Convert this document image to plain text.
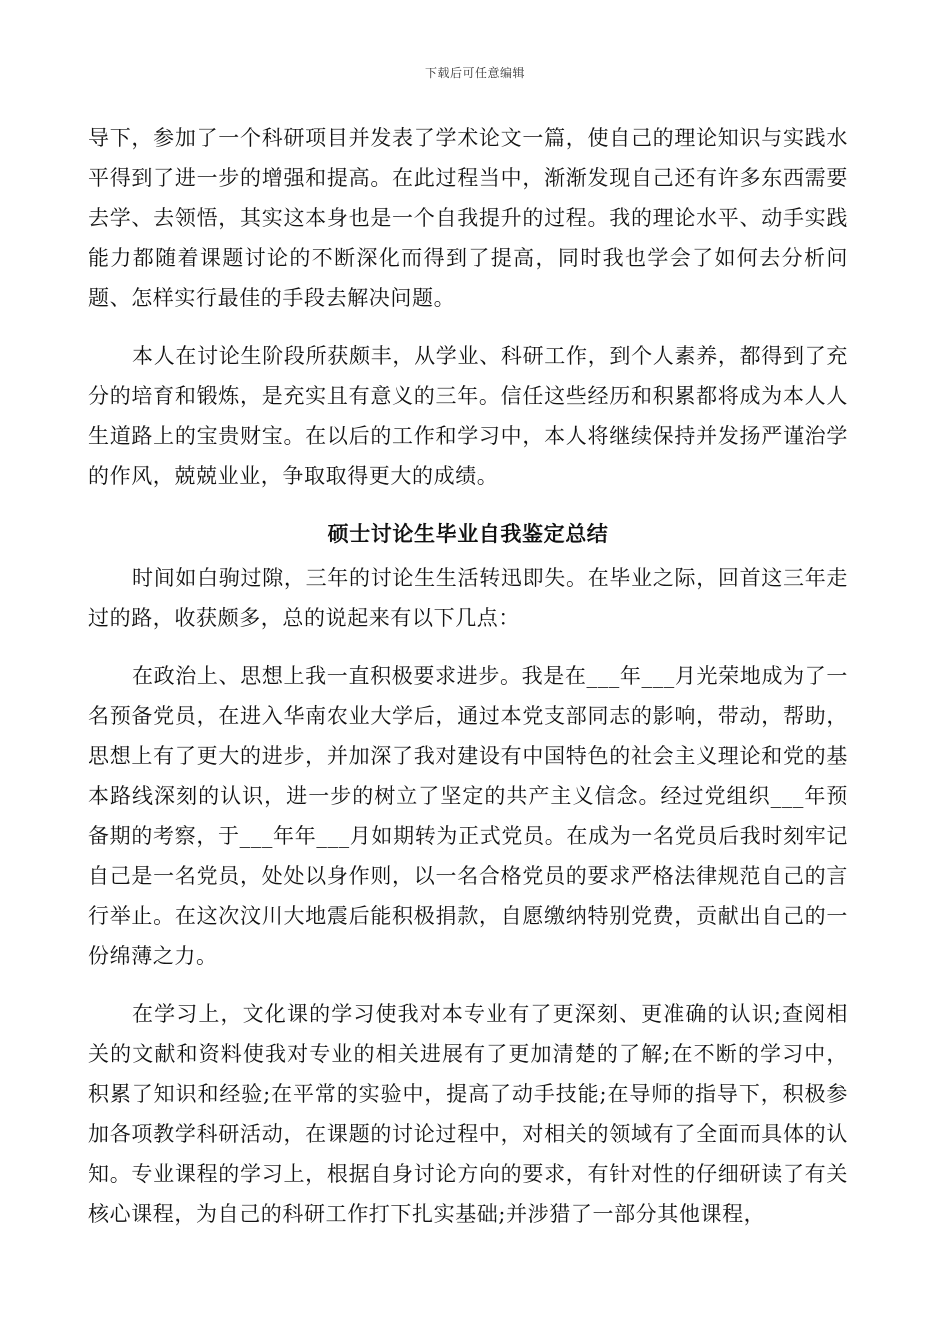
下载后可任意编辑

导下，参加了一个科研项目并发表了学术论文一篇，使自己的理论知识与实践水平得到了进一步的增强和提高。在此过程当中，渐渐发现自己还有许多东西需要去学、去领悟，其实这本身也是一个自我提升的过程。我的理论水平、动手实践能力都随着课题讨论的不断深化而得到了提高，同时我也学会了如何去分析问题、怎样实行最佳的手段去解决问题。

本人在讨论生阶段所获颇丰，从学业、科研工作，到个人素养，都得到了充分的培育和锻炼，是充实且有意义的三年。信任这些经历和积累都将成为本人人生道路上的宝贵财宝。在以后的工作和学习中，本人将继续保持并发扬严谨治学的作风，兢兢业业，争取取得更大的成绩。

硕士讨论生毕业自我鉴定总结

时间如白驹过隙，三年的讨论生生活转迅即失。在毕业之际，回首这三年走过的路，收获颇多，总的说起来有以下几点：

在政治上、思想上我一直积极要求进步。我是在___年___月光荣地成为了一名预备党员，在进入华南农业大学后，通过本党支部同志的影响，带动，帮助，思想上有了更大的进步，并加深了我对建设有中国特色的社会主义理论和党的基本路线深刻的认识，进一步的树立了坚定的共产主义信念。经过党组织___年预备期的考察，于___年年___月如期转为正式党员。在成为一名党员后我时刻牢记自己是一名党员，处处以身作则，以一名合格党员的要求严格法律规范自己的言行举止。在这次汶川大地震后能积极捐款，自愿缴纳特别党费，贡献出自己的一份绵薄之力。

在学习上，文化课的学习使我对本专业有了更深刻、更准确的认识;查阅相关的文献和资料使我对专业的相关进展有了更加清楚的了解;在不断的学习中，积累了知识和经验;在平常的实验中，提高了动手技能;在导师的指导下，积极参加各项教学科研活动，在课题的讨论过程中，对相关的领域有了全面而具体的认知。专业课程的学习上，根据自身讨论方向的要求，有针对性的仔细研读了有关核心课程，为自己的科研工作打下扎实基础;并涉猎了一部分其他课程，
